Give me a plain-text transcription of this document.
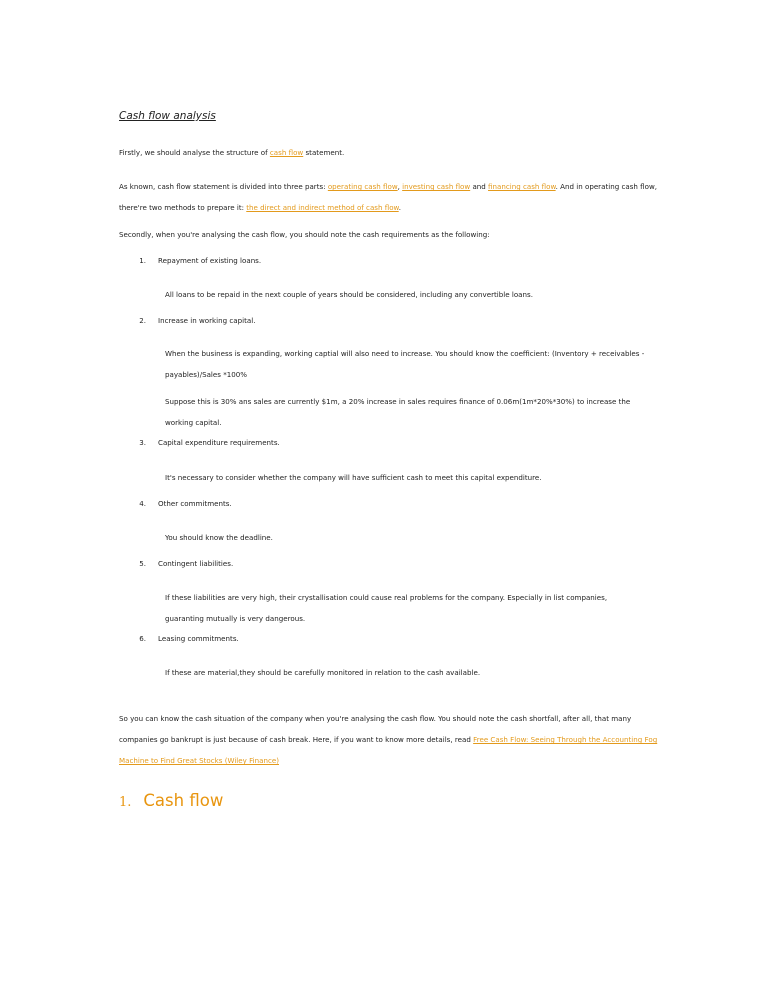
Cash flow analysis
Firstly, we should analyse the structure of cash flow statement.
As known, cash flow statement is divided into three parts: operating cash flow, investing cash flow and financing cash flow. And in operating cash flow, there're two methods to prepare it: the direct and indirect method of cash flow.
Secondly, when you're analysing the cash flow, you should note the cash requirements as the following:
1. Repayment of existing loans.
All loans to be repaid in the next couple of years should be considered, including any convertible loans.
2. Increase in working capital.
When the business is expanding, working captial will also need to increase. You should know the coefficient: (Inventory + receivables - payables)/Sales *100%
Suppose this is 30% ans sales are currently $1m, a 20% increase in sales requires finance of 0.06m(1m*20%*30%) to increase the working capital.
3. Capital expenditure requirements.
It's necessary to consider whether the company will have sufficient cash to meet this capital expenditure.
4. Other commitments.
You should know the deadline.
5. Contingent liabilities.
If these liabilities are very high, their crystallisation could cause real problems for the company. Especially in list companies, guaranting mutually is very dangerous.
6. Leasing commitments.
If these are material,they should be carefully monitored in relation to the cash available.
So you can know the cash situation of the company when you're analysing the cash flow. You should note the cash shortfall, after all, that many companies go bankrupt is just because of cash break. Here, if you want to know more details, read Free Cash Flow: Seeing Through the Accounting Fog Machine to Find Great Stocks (Wiley Finance)
1. Cash flow
